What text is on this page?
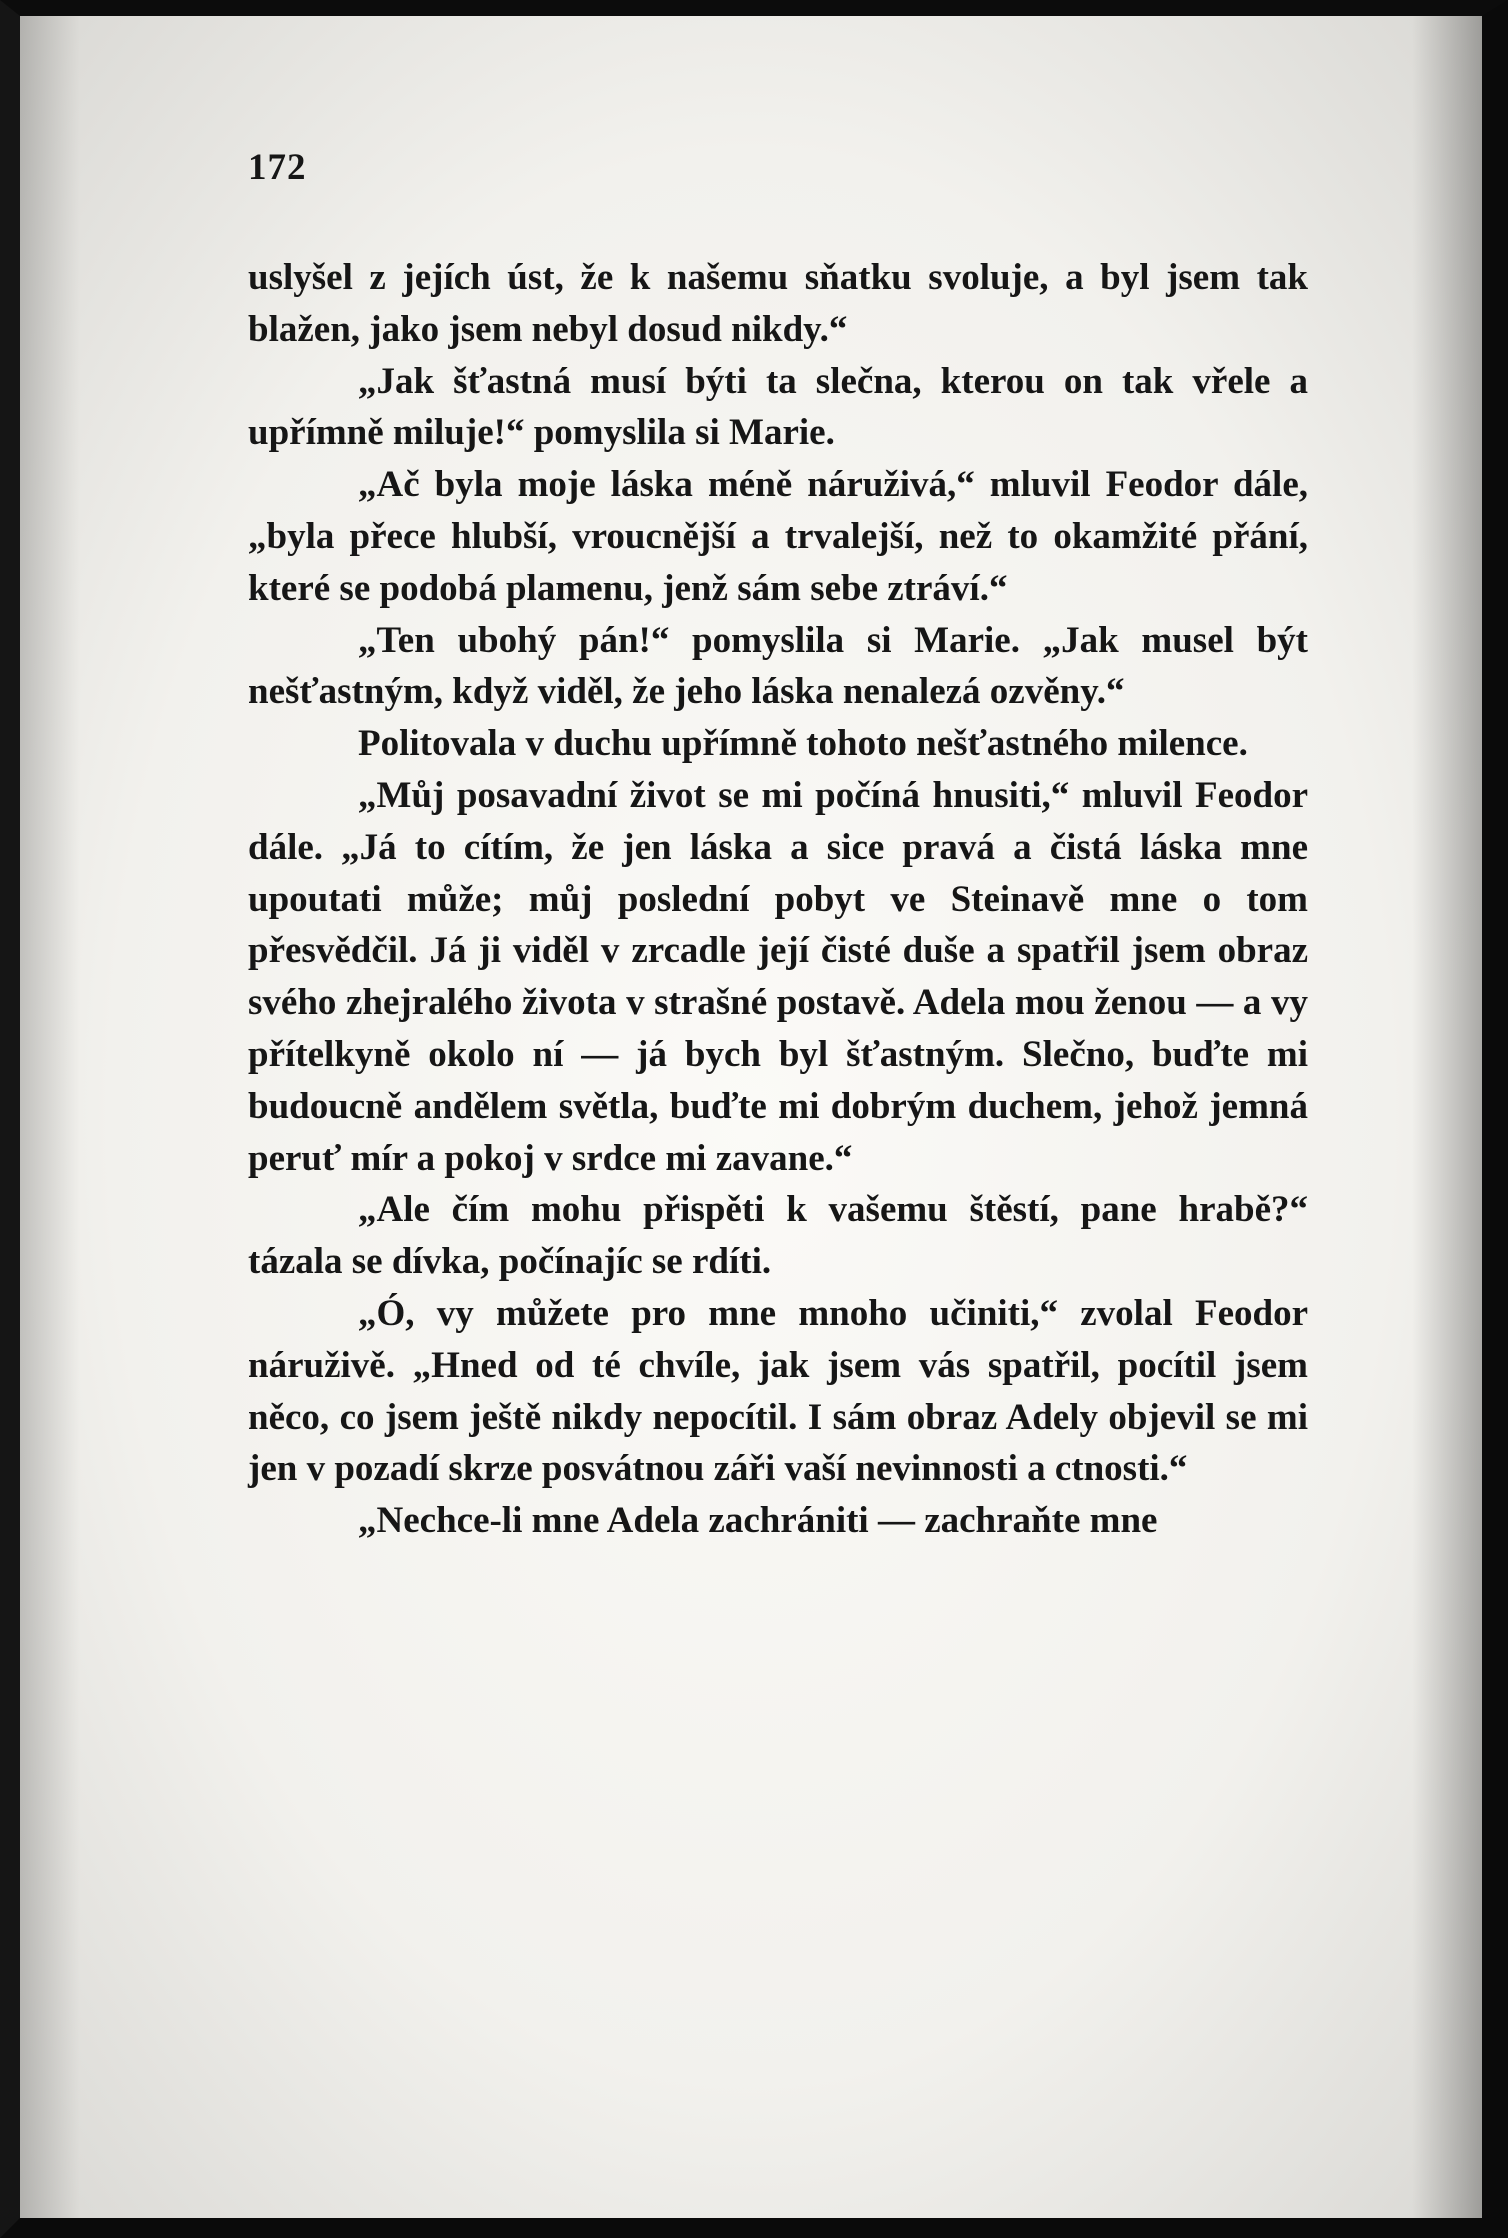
172

uslyšel z jejích úst, že k našemu sňatku svoluje, a byl jsem tak blažen, jako jsem nebyl dosud nikdy.“

„Jak šťastná musí býti ta slečna, kterou on tak vřele a upřímně miluje!“ pomyslila si Marie.

„Ač byla moje láska méně náruživá,“ mluvil Feodor dále, „byla přece hlubší, vroucnější a trvalejší, než to okamžité přání, které se podobá plamenu, jenž sám sebe ztráví.“

„Ten ubohý pán!“ pomyslila si Marie. „Jak musel být nešťastným, když viděl, že jeho láska nenalezá ozvěny.“

Politovala v duchu upřímně tohoto nešťastného milence.

„Můj posavadní život se mi počíná hnusiti,“ mluvil Feodor dále. „Já to cítím, že jen láska a sice pravá a čistá láska mne upoutati může; můj poslední pobyt ve Steinavě mne o tom přesvědčil. Já ji viděl v zrcadle její čisté duše a spatřil jsem obraz svého zhejralého života v strašné postavě. Adela mou ženou — a vy přítelkyně okolo ní — já bych byl šťastným. Slečno, buďte mi budoucně andělem světla, buďte mi dobrým duchem, jehož jemná peruť mír a pokoj v srdce mi zavane.“

„Ale čím mohu přispěti k vašemu štěstí, pane hrabě?“ tázala se dívka, počínajíc se rdíti.

„Ó, vy můžete pro mne mnoho učiniti,“ zvolal Feodor náruživě. „Hned od té chvíle, jak jsem vás spatřil, pocítil jsem něco, co jsem ještě nikdy nepocítil. I sám obraz Adely objevil se mi jen v pozadí skrze posvátnou záři vaší nevinnosti a ctnosti.“

„Nechce-li mne Adela zachrániti — zachraňte mne
